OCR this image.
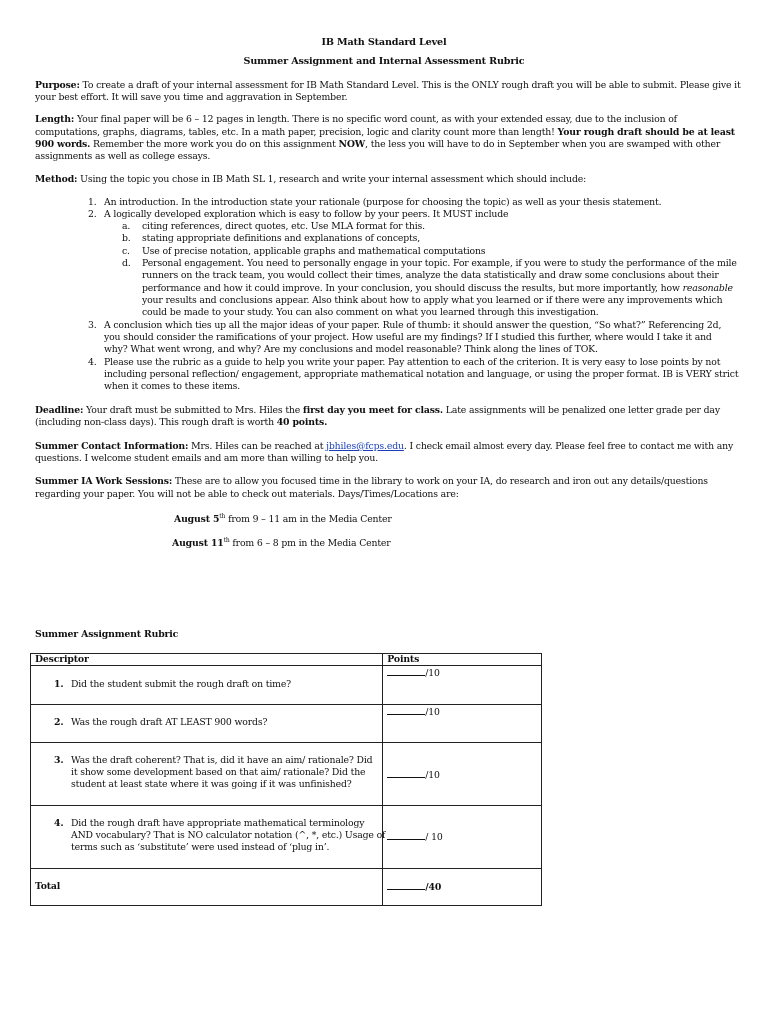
IB Math Standard Level
Summer Assignment and Internal Assessment Rubric
Purpose: To create a draft of your internal assessment for IB Math Standard Level. This is the ONLY rough draft you will be able to submit. Please give it
your best effort. It will save you time and aggravation in September.
Length: Your final paper will be 6 – 12 pages in length. There is no specific word count, as with your extended essay, due to the inclusion of
computations, graphs, diagrams, tables, etc. In a math paper, precision, logic and clarity count more than length! Your rough draft should be at least
900 words. Remember the more work you do on this assignment NOW, the less you will have to do in September when you are swamped with other
assignments as well as college essays.
Method: Using the topic you chose in IB Math SL 1, research and write your internal assessment which should include:
1. An introduction. In the introduction state your rationale (purpose for choosing the topic) as well as your thesis statement.
2. A logically developed exploration which is easy to follow by your peers. It MUST include
a. citing references, direct quotes, etc. Use MLA format for this.
b. stating appropriate definitions and explanations of concepts,
c. Use of precise notation, applicable graphs and mathematical computations
d. Personal engagement. You need to personally engage in your topic. For example, if you were to study the performance of the mile
runners on the track team, you would collect their times, analyze the data statistically and draw some conclusions about their
performance and how it could improve. In your conclusion, you should discuss the results, but more importantly, how reasonable
your results and conclusions appear. Also think about how to apply what you learned or if there were any improvements which
could be made to your study. You can also comment on what you learned through this investigation.
3. A conclusion which ties up all the major ideas of your paper. Rule of thumb: it should answer the question, “So what?” Referencing 2d,
you should consider the ramifications of your project. How useful are my findings? If I studied this further, where would I take it and
why? What went wrong, and why? Are my conclusions and model reasonable? Think along the lines of TOK.
4. Please use the rubric as a guide to help you write your paper. Pay attention to each of the criterion. It is very easy to lose points by not
including personal reflection/ engagement, appropriate mathematical notation and language, or using the proper format. IB is VERY strict
when it comes to these items.
Deadline: Your draft must be submitted to Mrs. Hiles the first day you meet for class. Late assignments will be penalized one letter grade per day
(including non-class days). This rough draft is worth 40 points.
Summer Contact Information: Mrs. Hiles can be reached at jbhiles@fcps.edu. I check email almost every day. Please feel free to contact me with any
questions. I welcome student emails and am more than willing to help you.
Summer IA Work Sessions: These are to allow you focused time in the library to work on your IA, do research and iron out any details/questions
regarding your paper. You will not be able to check out materials. Days/Times/Locations are:
August 5th from 9 – 11 am in the Media Center
August 11th from 6 – 8 pm in the Media Center
Summer Assignment Rubric
Descriptor	Points

1. Did the student submit the rough draft on time?	/10

2. Was the rough draft AT LEAST 900 words?	/10

3. Was the draft coherent? That is, did it have an aim/ rationale? Did
it show some development based on that aim/ rationale? Did the
student at least state where it was going if it was unfinished?	/10

4. Did the rough draft have appropriate mathematical terminology
AND vocabulary? That is NO calculator notation (^, *, etc.) Usage of
terms such as ‘substitute’ were used instead of ‘plug in’.	/ 10

Total	/40
